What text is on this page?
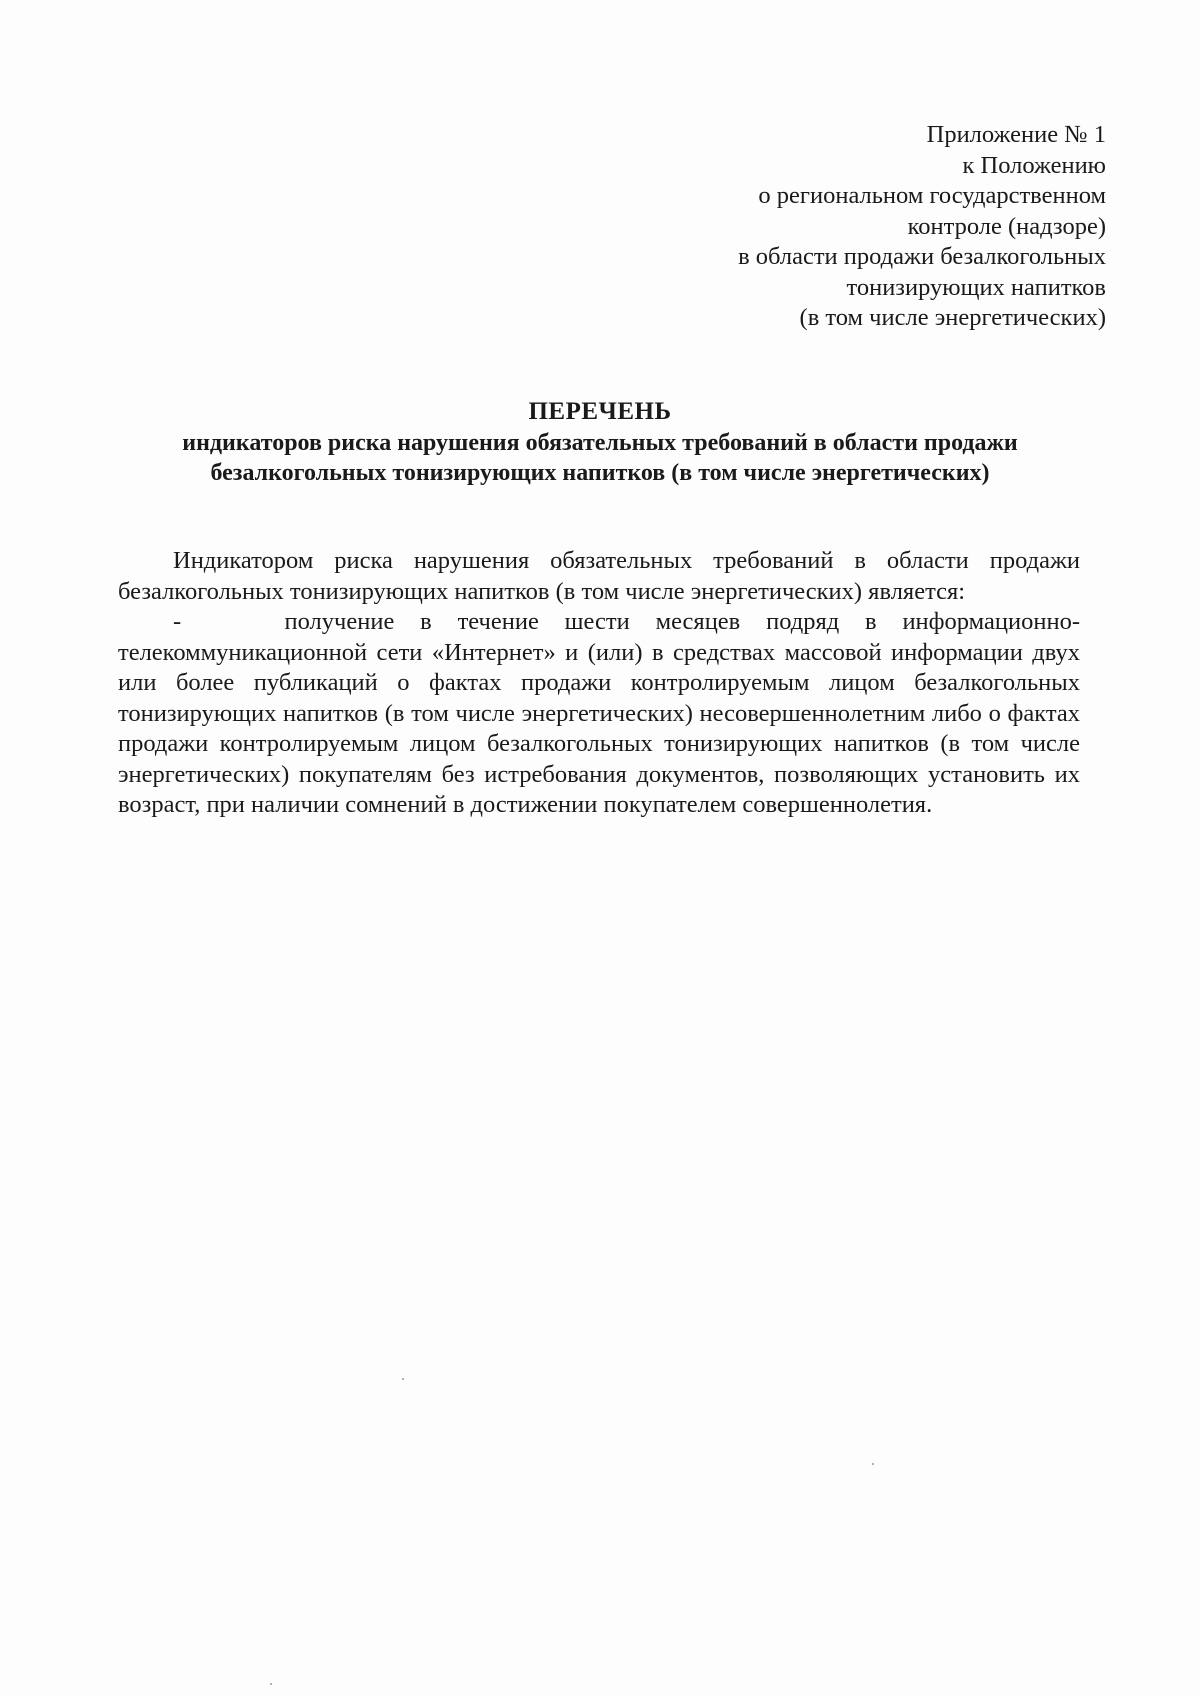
Приложение № 1
к Положению
о региональном государственном
контроле (надзоре)
в области продажи безалкогольных
тонизирующих напитков
(в том числе энергетических)
ПЕРЕЧЕНЬ
индикаторов риска нарушения обязательных требований в области продажи
безалкогольных тонизирующих напитков (в том числе энергетических)

Индикатором риска нарушения обязательных требований в области продажи безалкогольных тонизирующих напитков (в том числе энергетических) является:

-    получение в течение шести месяцев подряд в информационно-телекоммуникационной сети «Интернет» и (или) в средствах массовой информации двух или более публикаций о фактах продажи контролируемым лицом безалкогольных тонизирующих напитков (в том числе энергетических) несовершеннолетним либо о фактах продажи контролируемым лицом безалкогольных тонизирующих напитков (в том числе энергетических) покупателям без истребования документов, позволяющих установить их возраст, при наличии сомнений в достижении покупателем совершеннолетия.
